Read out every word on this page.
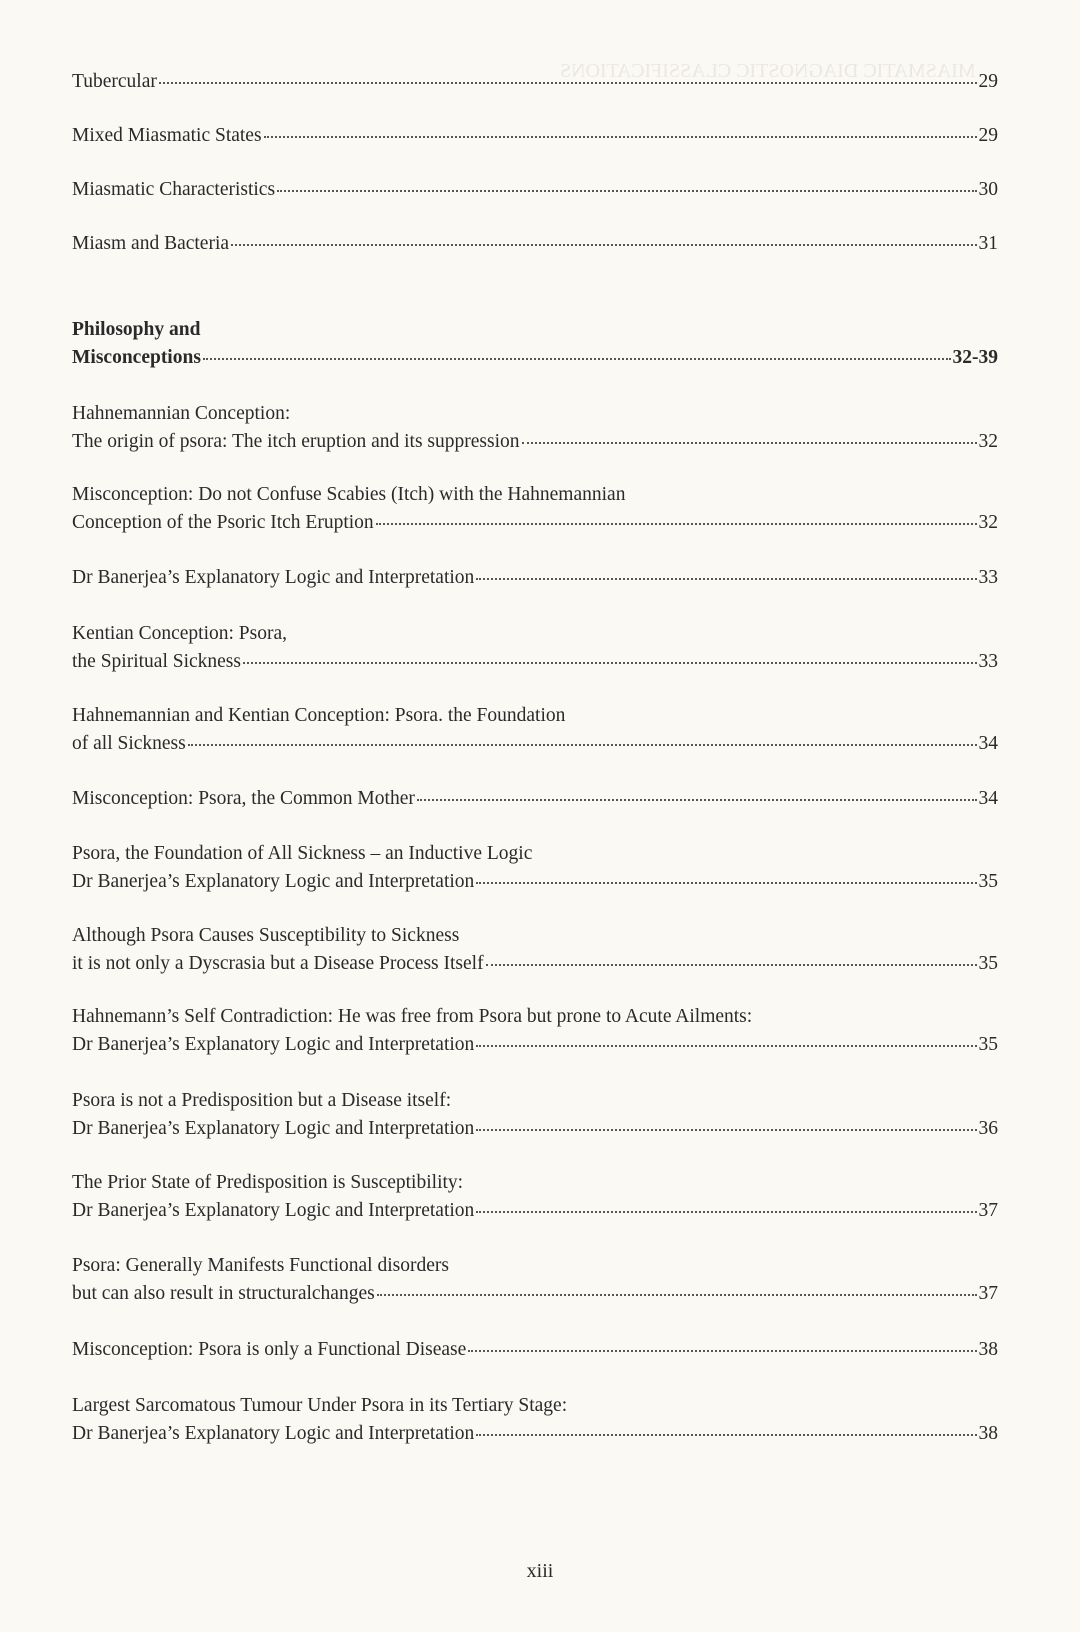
MIASMATIC DIAGNOSTIC CLASSIFICATIONS
Tubercular	29
Mixed Miasmatic States	29
Miasmatic Characteristics	30
Miasm and Bacteria	31
Philosophy and
Misconceptions	32-39
Hahnemannian Conception:
The origin of psora: The itch eruption and its suppression	32
Misconception: Do not Confuse Scabies (Itch) with the Hahnemannian
Conception of the Psoric Itch Eruption	32
Dr Banerjea’s Explanatory Logic and Interpretation	33
Kentian Conception: Psora,
the Spiritual Sickness	33
Hahnemannian and Kentian Conception: Psora. the Foundation
of all Sickness	34
Misconception: Psora, the Common Mother	34
Psora, the Foundation of All Sickness – an Inductive Logic
Dr Banerjea’s Explanatory Logic and Interpretation	35
Although Psora Causes Susceptibility to Sickness
it is not only a Dyscrasia but a Disease Process Itself	35
Hahnemann’s Self Contradiction: He was free from Psora but prone to Acute Ailments:
Dr Banerjea’s Explanatory Logic and Interpretation	35
Psora is not a Predisposition but a Disease itself:
Dr Banerjea’s Explanatory Logic and Interpretation	36
The Prior State of Predisposition is Susceptibility:
Dr Banerjea’s Explanatory Logic and Interpretation	37
Psora: Generally Manifests Functional disorders
but can also result in structuralchanges	37
Misconception: Psora is only a Functional Disease	38
Largest Sarcomatous Tumour Under Psora in its Tertiary Stage:
Dr Banerjea’s Explanatory Logic and Interpretation	38
xiii
